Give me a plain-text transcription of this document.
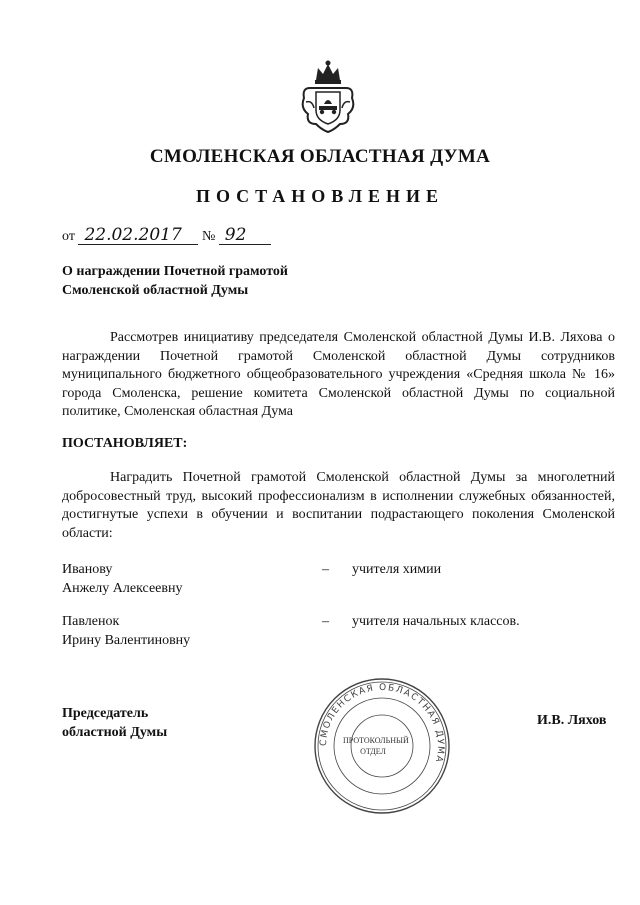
СМОЛЕНСКАЯ ОБЛАСТНАЯ ДУМА
ПОСТАНОВЛЕНИЕ
от 22.02.2017 № 92
О награждении Почетной грамотой
Смоленской областной Думы

Рассмотрев инициативу председателя Смоленской областной Думы И.В. Ляхова о награждении Почетной грамотой Смоленской областной Думы сотрудников муниципального бюджетного общеобразовательного учреждения «Средняя школа № 16» города Смоленска, решение комитета Смоленской областной Думы по социальной политике, Смоленская областная Дума

ПОСТАНОВЛЯЕТ:

Наградить Почетной грамотой Смоленской областной Думы за многолетний добросовестный труд, высокий профессионализм в исполнении служебных обязанностей, достигнутые успехи в обучении и воспитании подрастающего поколения Смоленской области:

Иванову
Анжелу Алексеевну
– учителя химии
Павленок
Ирину Валентиновну
– учителя начальных классов.
Председатель
областной Думы
СМОЛЕНСКАЯ ОБЛАСТНАЯ ДУМА
ПРОТОКОЛЬНЫЙ
ОТДЕЛ
И.В. Ляхов
